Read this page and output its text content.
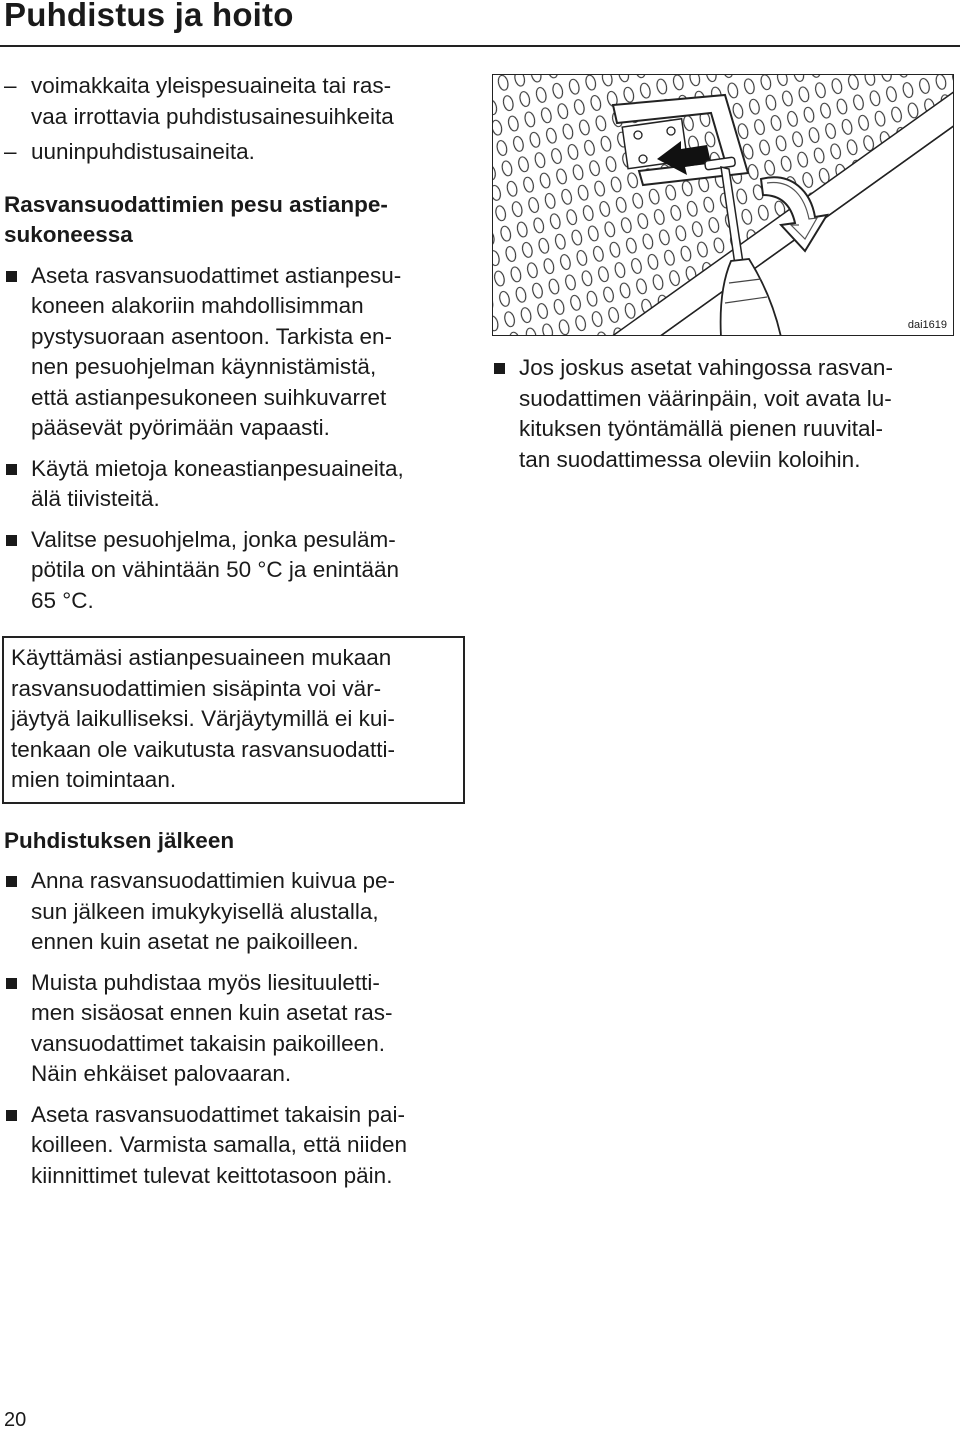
Puhdistus ja hoito
– voimakkaita yleispesuaineita tai ras-
vaa irrottavia puhdistusainesuihkeita
– uuninpuhdistusaineita.
Rasvansuodattimien pesu astianpe-
sukoneessa
Aseta rasvansuodattimet astianpesu-
koneen alakoriin mahdollisimman
pystysuoraan asentoon. Tarkista en-
nen pesuohjelman käynnistämistä,
että astianpesukoneen suihkuvarret
pääsevät pyörimään vapaasti.
Käytä mietoja koneastianpesuaineita,
älä tiivisteitä.
Valitse pesuohjelma, jonka pesuläm-
pötila on vähintään 50 °C ja enintään
65 °C.
Käyttämäsi astianpesuaineen mukaan
rasvansuodattimien sisäpinta voi vär-
jäytyä laikulliseksi. Värjäytymillä ei kui-
tenkaan ole vaikutusta rasvansuodatti-
mien toimintaan.
Puhdistuksen jälkeen
Anna rasvansuodattimien kuivua pe-
sun jälkeen imukykyisellä alustalla,
ennen kuin asetat ne paikoilleen.
Muista puhdistaa myös liesituuletti-
men sisäosat ennen kuin asetat ras-
vansuodattimet takaisin paikoilleen.
Näin ehkäiset palovaaran.
Aseta rasvansuodattimet takaisin pai-
koilleen. Varmista samalla, että niiden
kiinnittimet tulevat keittotasoon päin.
dai1619
Jos joskus asetat vahingossa rasvan-
suodattimen väärinpäin, voit avata lu-
kituksen työntämällä pienen ruuvital-
tan suodattimessa oleviin koloihin.
20
